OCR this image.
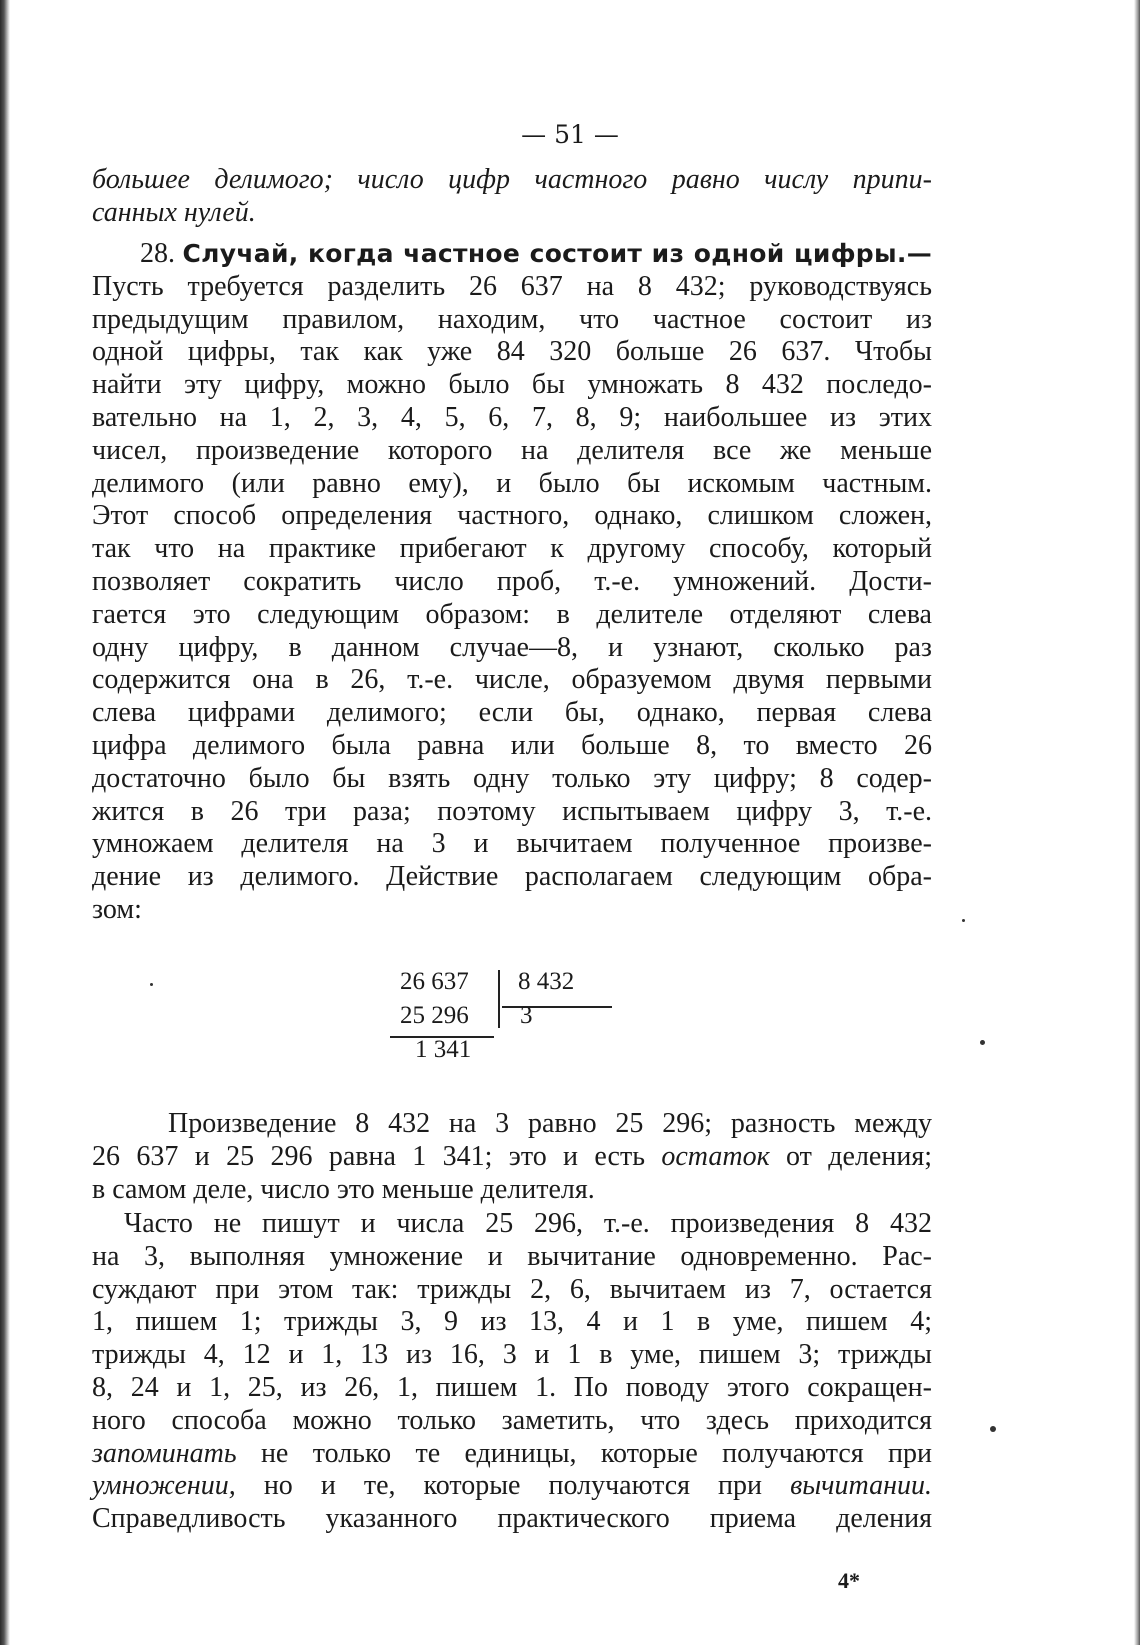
— 51 —

большее делимого; число цифр частного равно числу припи-
санных нулей.

28. Случай, когда частное состоит из одной цифры.—
Пусть требуется разделить 26 637 на 8 432; руководствуясь
предыдущим правилом, находим, что частное состоит из
одной цифры, так как уже 84 320 больше 26 637. Чтобы
найти эту цифру, можно было бы умножать 8 432 последо-
вательно на 1, 2, 3, 4, 5, 6, 7, 8, 9; наибольшее из этих
чисел, произведение которого на делителя все же меньше
делимого (или равно ему), и было бы искомым частным.
Этот способ определения частного, однако, слишком сложен,
так что на практике прибегают к другому способу, который
позволяет сократить число проб, т.-е. умножений. Дости-
гается это следующим образом: в делителе отделяют слева
одну цифру, в данном случае—8, и узнают, сколько раз
содержится она в 26, т.-е. числе, образуемом двумя первыми
слева цифрами делимого; если бы, однако, первая слева
цифра делимого была равна или больше 8, то вместо 26
достаточно было бы взять одну только эту цифру; 8 содер-
жится в 26 три раза; поэтому испытываем цифру 3, т.-е.
умножаем делителя на 3 и вычитаем полученное произве-
дение из делимого. Действие располагаем следующим обра-
зом:

26 637 8 432
25 296 3
1 341

Произведение 8 432 на 3 равно 25 296; разность между
26 637 и 25 296 равна 1 341; это и есть остаток от деления;
в самом деле, число это меньше делителя.

Часто не пишут и числа 25 296, т.-е. произведения 8 432
на 3, выполняя умножение и вычитание одновременно. Рас-
суждают при этом так: трижды 2, 6, вычитаем из 7, остается
1, пишем 1; трижды 3, 9 из 13, 4 и 1 в уме, пишем 4;
трижды 4, 12 и 1, 13 из 16, 3 и 1 в уме, пишем 3; трижды
8, 24 и 1, 25, из 26, 1, пишем 1. По поводу этого сокращен-
ного способа можно только заметить, что здесь приходится
запоминать не только те единицы, которые получаются при
умножении, но и те, которые получаются при вычитании.
Справедливость указанного практического приема деления

4*
